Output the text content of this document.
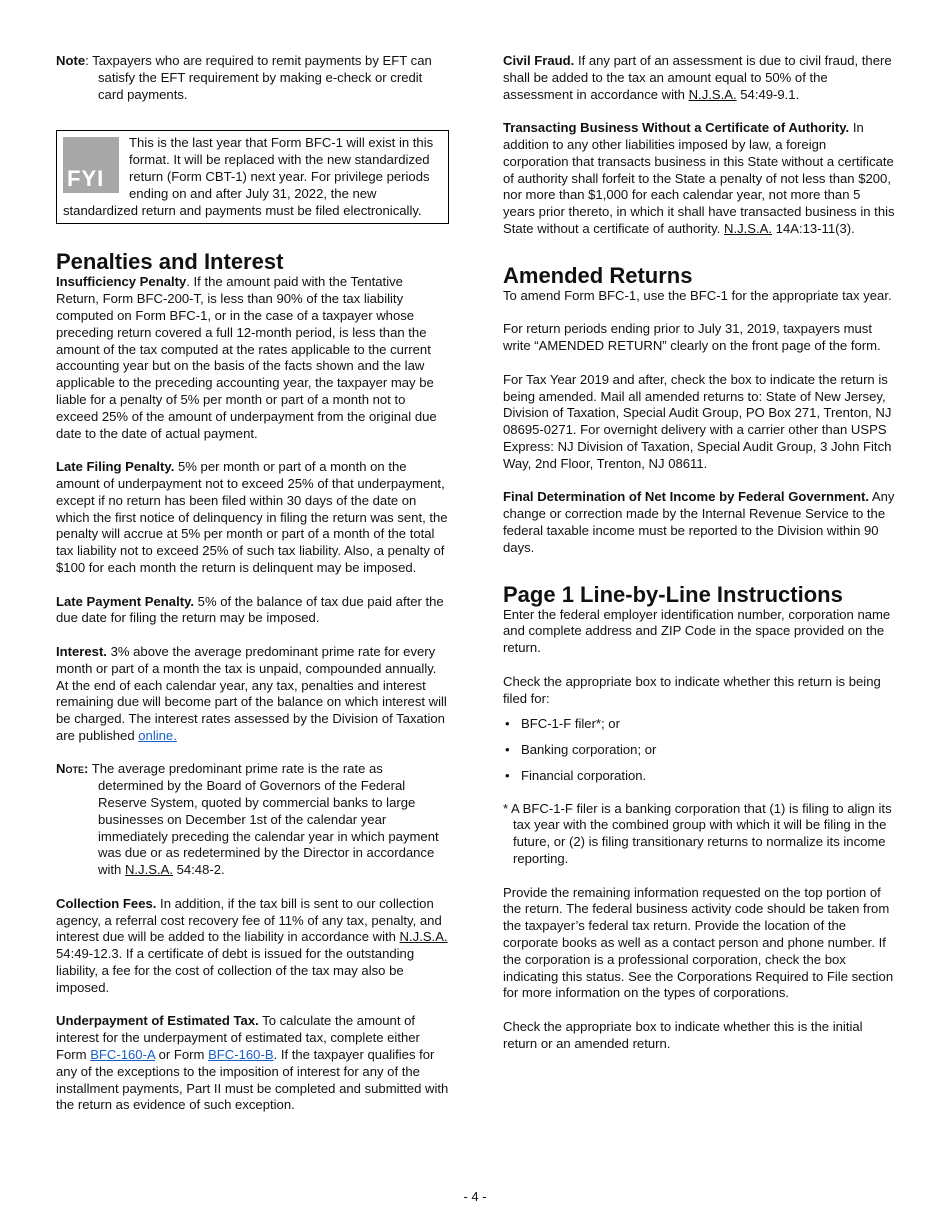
Note: Taxpayers who are required to remit payments by EFT can satisfy the EFT requirement by making e-check or credit card payments.

FYI
This is the last year that Form BFC-1 will exist in this format. It will be replaced with the new standardized return (Form CBT-1) next year. For privilege periods ending on and after July 31, 2022, the new standardized return and payments must be filed electronically.
Penalties and Interest

Insufficiency Penalty. If the amount paid with the Tentative Return, Form BFC-200-T, is less than 90% of the tax liability computed on Form BFC-1, or in the case of a taxpayer whose preceding return covered a full 12-month period, is less than the amount of the tax computed at the rates applicable to the current accounting year but on the basis of the facts shown and the law applicable to the preceding accounting year, the taxpayer may be liable for a penalty of 5% per month or part of a month not to exceed 25% of the amount of underpayment from the original due date to the date of actual payment.

Late Filing Penalty. 5% per month or part of a month on the amount of underpayment not to exceed 25% of that underpayment, except if no return has been filed within 30 days of the date on which the first notice of delinquency in filing the return was sent, the penalty will accrue at 5% per month or part of a month of the total tax liability not to exceed 25% of such tax liability. Also, a penalty of $100 for each month the return is delinquent may be imposed.

Late Payment Penalty. 5% of the balance of tax due paid after the due date for filing the return may be imposed.

Interest. 3% above the average predominant prime rate for every month or part of a month the tax is unpaid, compounded annually. At the end of each calendar year, any tax, penalties and interest remaining due will become part of the balance on which interest will be charged. The interest rates assessed by the Division of Taxation are published online.

Note: The average predominant prime rate is the rate as determined by the Board of Governors of the Federal Reserve System, quoted by commercial banks to large businesses on December 1st of the calendar year immediately preceding the calendar year in which payment was due or as redetermined by the Director in accordance with N.J.S.A. 54:48-2.

Collection Fees. In addition, if the tax bill is sent to our collection agency, a referral cost recovery fee of 11% of any tax, penalty, and interest due will be added to the liability in accordance with N.J.S.A. 54:49-12.3. If a certificate of debt is issued for the outstanding liability, a fee for the cost of collection of the tax may also be imposed.

Underpayment of Estimated Tax. To calculate the amount of interest for the underpayment of estimated tax, complete either Form BFC-160-A or Form BFC-160-B. If the taxpayer qualifies for any of the exceptions to the imposition of interest for any of the installment payments, Part II must be completed and submitted with the return as evidence of such exception.

Civil Fraud. If any part of an assessment is due to civil fraud, there shall be added to the tax an amount equal to 50% of the assessment in accordance with N.J.S.A. 54:49-9.1.

Transacting Business Without a Certificate of Authority. In addition to any other liabilities imposed by law, a foreign corporation that transacts business in this State without a certificate of authority shall forfeit to the State a penalty of not less than $200, nor more than $1,000 for each calendar year, not more than 5 years prior thereto, in which it shall have transacted business in this State without a certificate of authority. N.J.S.A. 14A:13-11(3).

Amended Returns

To amend Form BFC-1, use the BFC-1 for the appropriate tax year.

For return periods ending prior to July 31, 2019, taxpayers must write “AMENDED RETURN” clearly on the front page of the form.

For Tax Year 2019 and after, check the box to indicate the return is being amended. Mail all amended returns to: State of New Jersey, Division of Taxation, Special Audit Group, PO Box 271, Trenton, NJ 08695-0271. For overnight delivery with a carrier other than USPS Express: NJ Division of Taxation, Special Audit Group, 3 John Fitch Way, 2nd Floor, Trenton, NJ 08611.

Final Determination of Net Income by Federal Government. Any change or correction made by the Internal Revenue Service to the federal taxable income must be reported to the Division within 90 days.

Page 1 Line-by-Line Instructions

Enter the federal employer identification number, corporation name and complete address and ZIP Code in the space provided on the return.

Check the appropriate box to indicate whether this return is being filed for:

• BFC-1-F filer*; or
• Banking corporation; or
• Financial corporation.

* A BFC-1-F filer is a banking corporation that (1) is filing to align its tax year with the combined group with which it will be filing in the future, or (2) is filing transitionary returns to normalize its income reporting.

Provide the remaining information requested on the top portion of the return. The federal business activity code should be taken from the taxpayer’s federal tax return. Provide the location of the corporate books as well as a contact person and phone number. If the corporation is a professional corporation, check the box indicating this status. See the Corporations Required to File section for more information on the types of corporations.

Check the appropriate box to indicate whether this is the initial return or an amended return.

- 4 -
